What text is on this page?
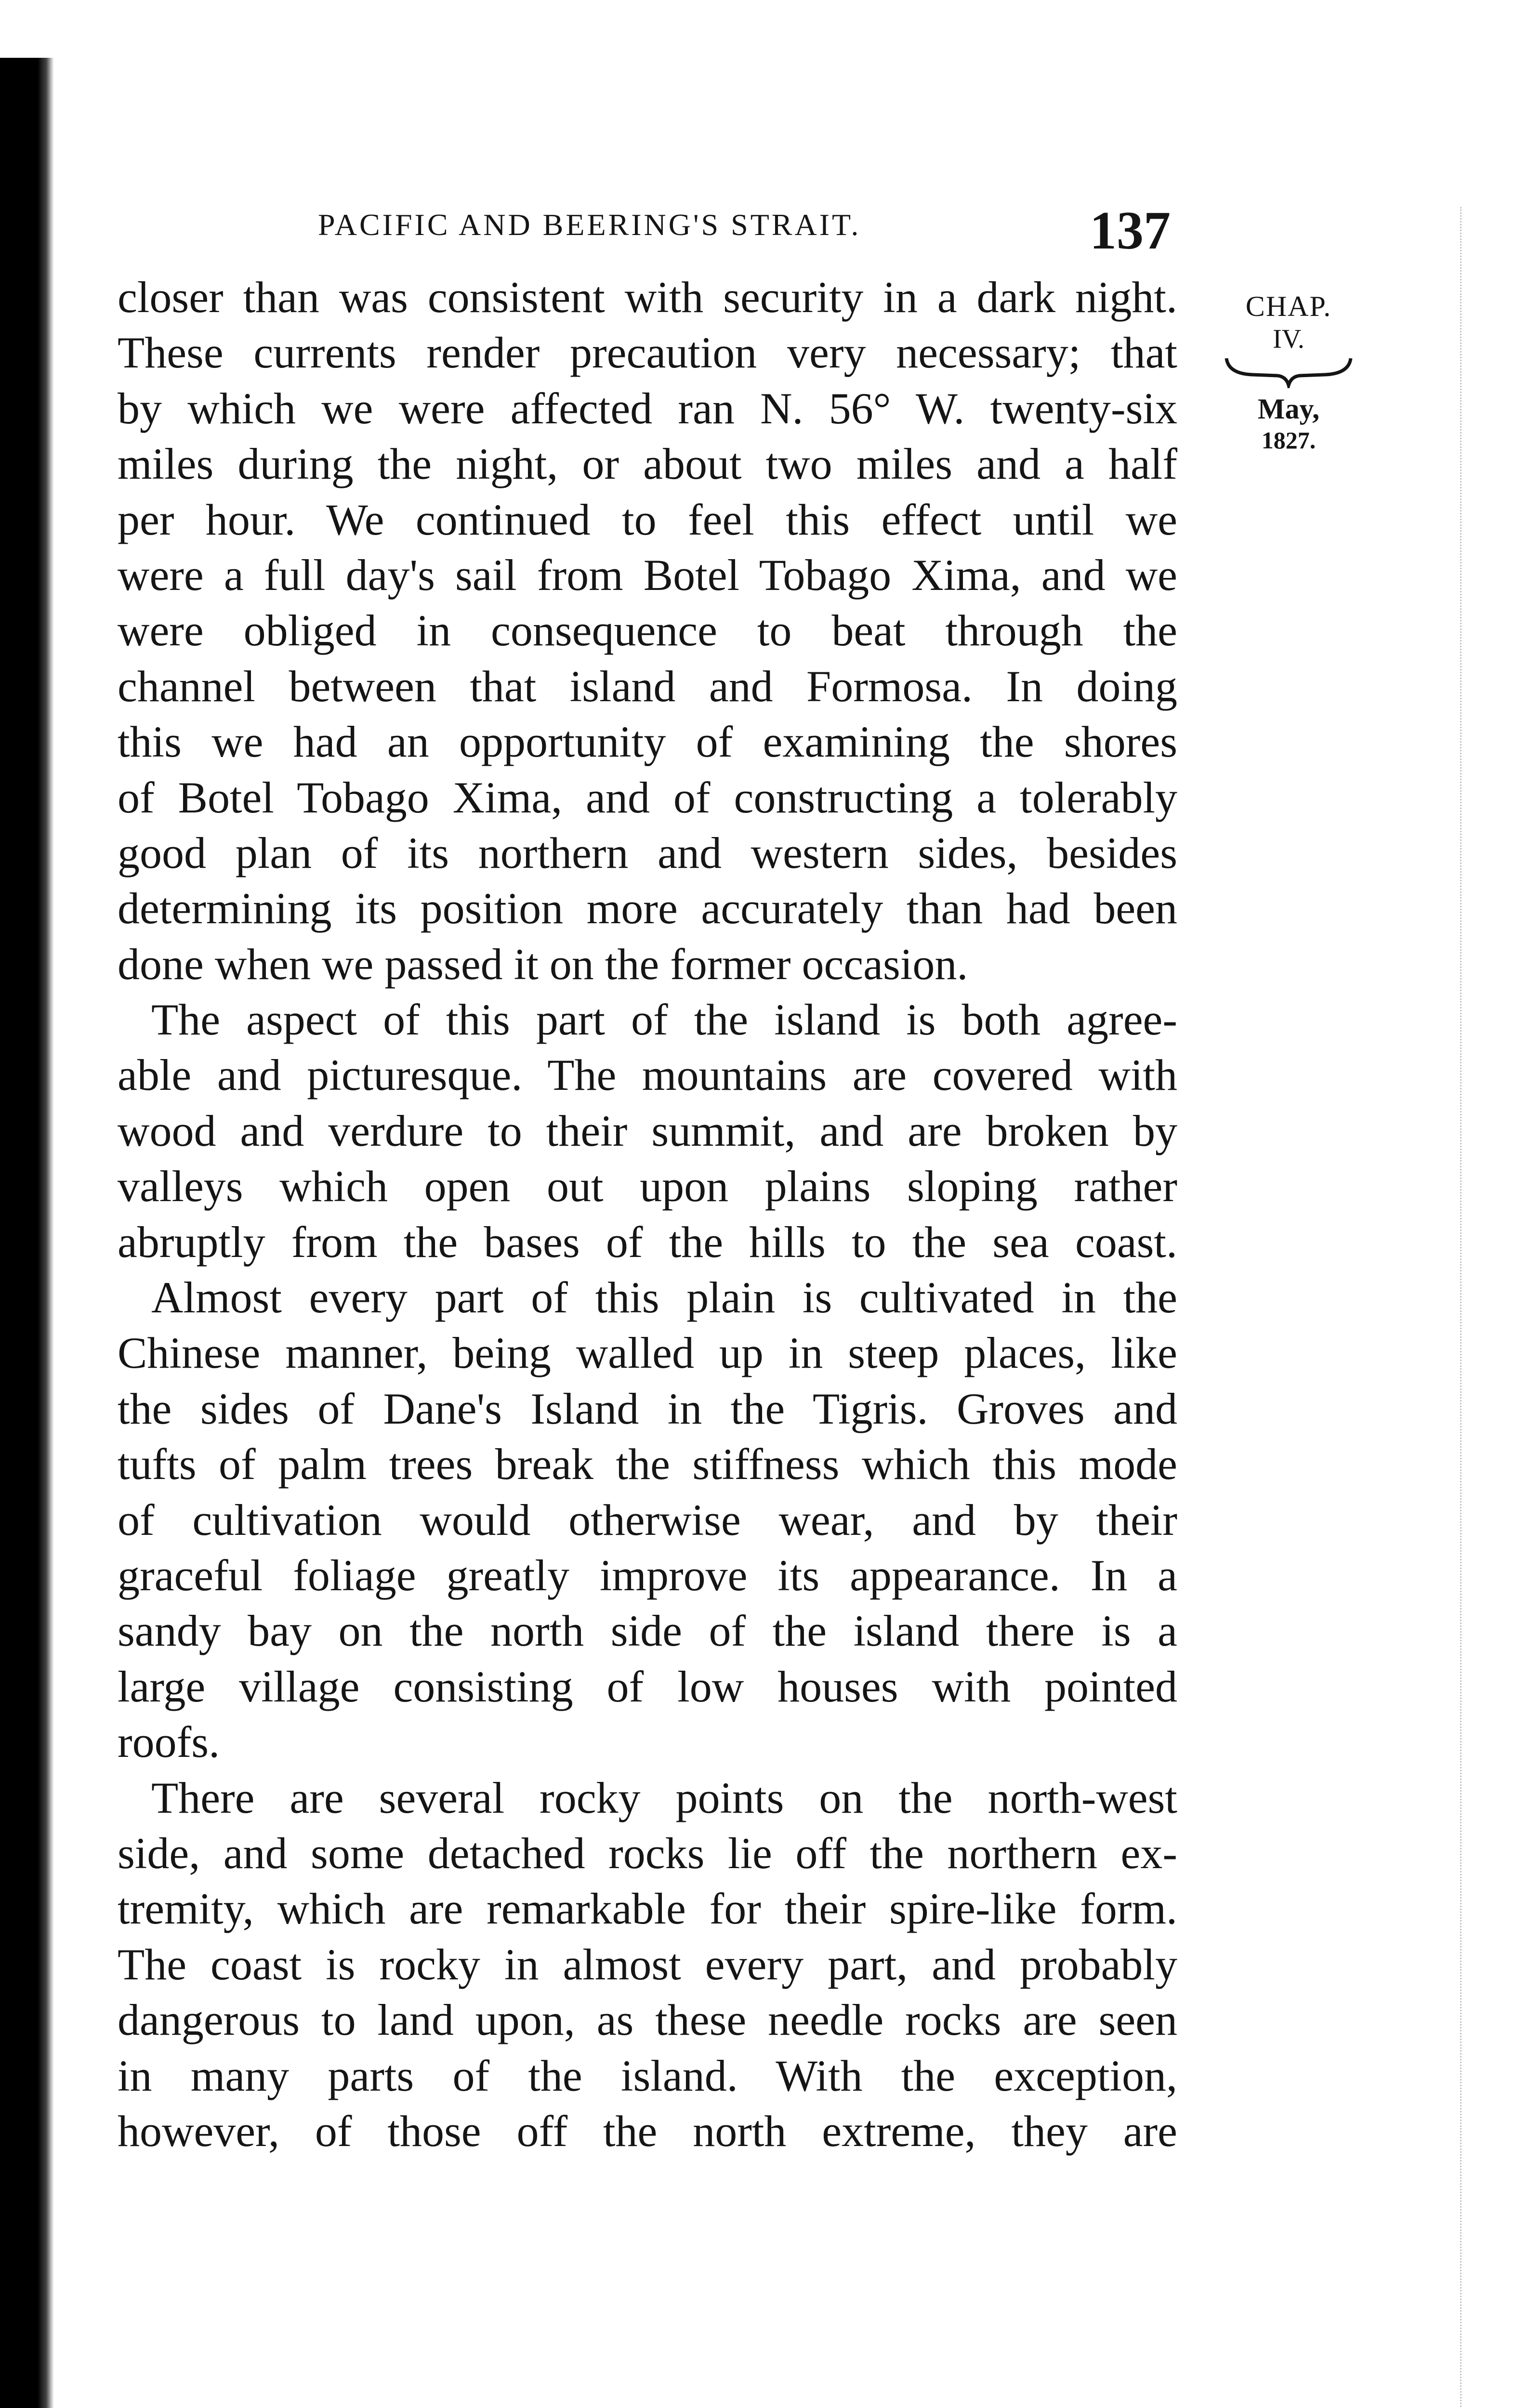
PACIFIC AND BEERING'S STRAIT.	137
CHAP.
IV.
May,
1827.
closer than was consistent with security in a dark night.
These currents render precaution very necessary; that
by which we were affected ran N. 56° W. twenty-six
miles during the night, or about two miles and a half
per hour. We continued to feel this effect until we
were a full day's sail from Botel Tobago Xima, and we
were obliged in consequence to beat through the
channel between that island and Formosa. In doing
this we had an opportunity of examining the shores
of Botel Tobago Xima, and of constructing a tolerably
good plan of its northern and western sides, besides
determining its position more accurately than had been
done when we passed it on the former occasion.
The aspect of this part of the island is both agree-
able and picturesque. The mountains are covered with
wood and verdure to their summit, and are broken by
valleys which open out upon plains sloping rather
abruptly from the bases of the hills to the sea coast.
Almost every part of this plain is cultivated in the
Chinese manner, being walled up in steep places, like
the sides of Dane's Island in the Tigris. Groves and
tufts of palm trees break the stiffness which this mode
of cultivation would otherwise wear, and by their
graceful foliage greatly improve its appearance. In a
sandy bay on the north side of the island there is a
large village consisting of low houses with pointed
roofs.
There are several rocky points on the north-west
side, and some detached rocks lie off the northern ex-
tremity, which are remarkable for their spire-like form.
The coast is rocky in almost every part, and probably
dangerous to land upon, as these needle rocks are seen
in many parts of the island. With the exception,
however, of those off the north extreme, they are
